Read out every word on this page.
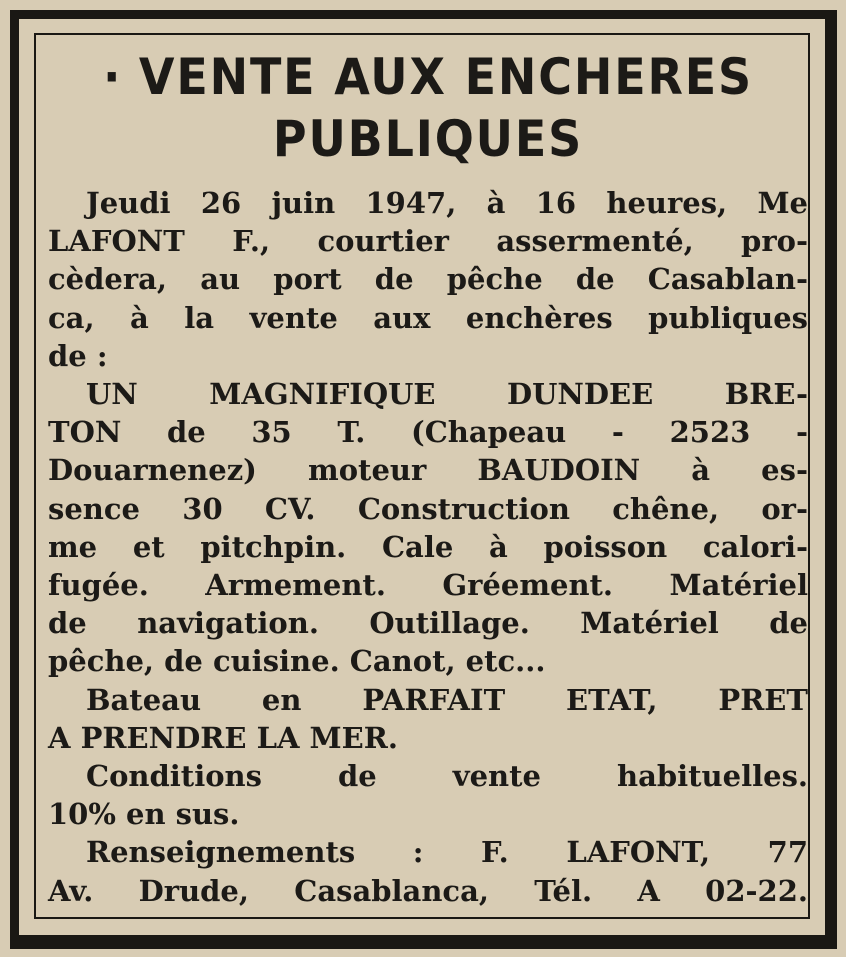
· VENTE AUX ENCHERES
PUBLIQUES

Jeudi 26 juin 1947, à 16 heures, Me
LAFONT F., courtier assermenté, pro-
cèdera, au port de pêche de Casablan-
ca, à la vente aux enchères publiques
de :

UN MAGNIFIQUE DUNDEE BRE-
TON de 35 T. (Chapeau - 2523 -
Douarnenez) moteur BAUDOIN à es-
sence 30 CV. Construction chêne, or-
me et pitchpin. Cale à poisson calori-
fugée. Armement. Gréement. Matériel
de navigation. Outillage. Matériel de
pêche, de cuisine. Canot, etc...

Bateau en PARFAIT ETAT, PRET
A PRENDRE LA MER.

Conditions de vente habituelles.
10% en sus.

Renseignements : F. LAFONT, 77
Av. Drude, Casablanca, Tél. A 02-22.
